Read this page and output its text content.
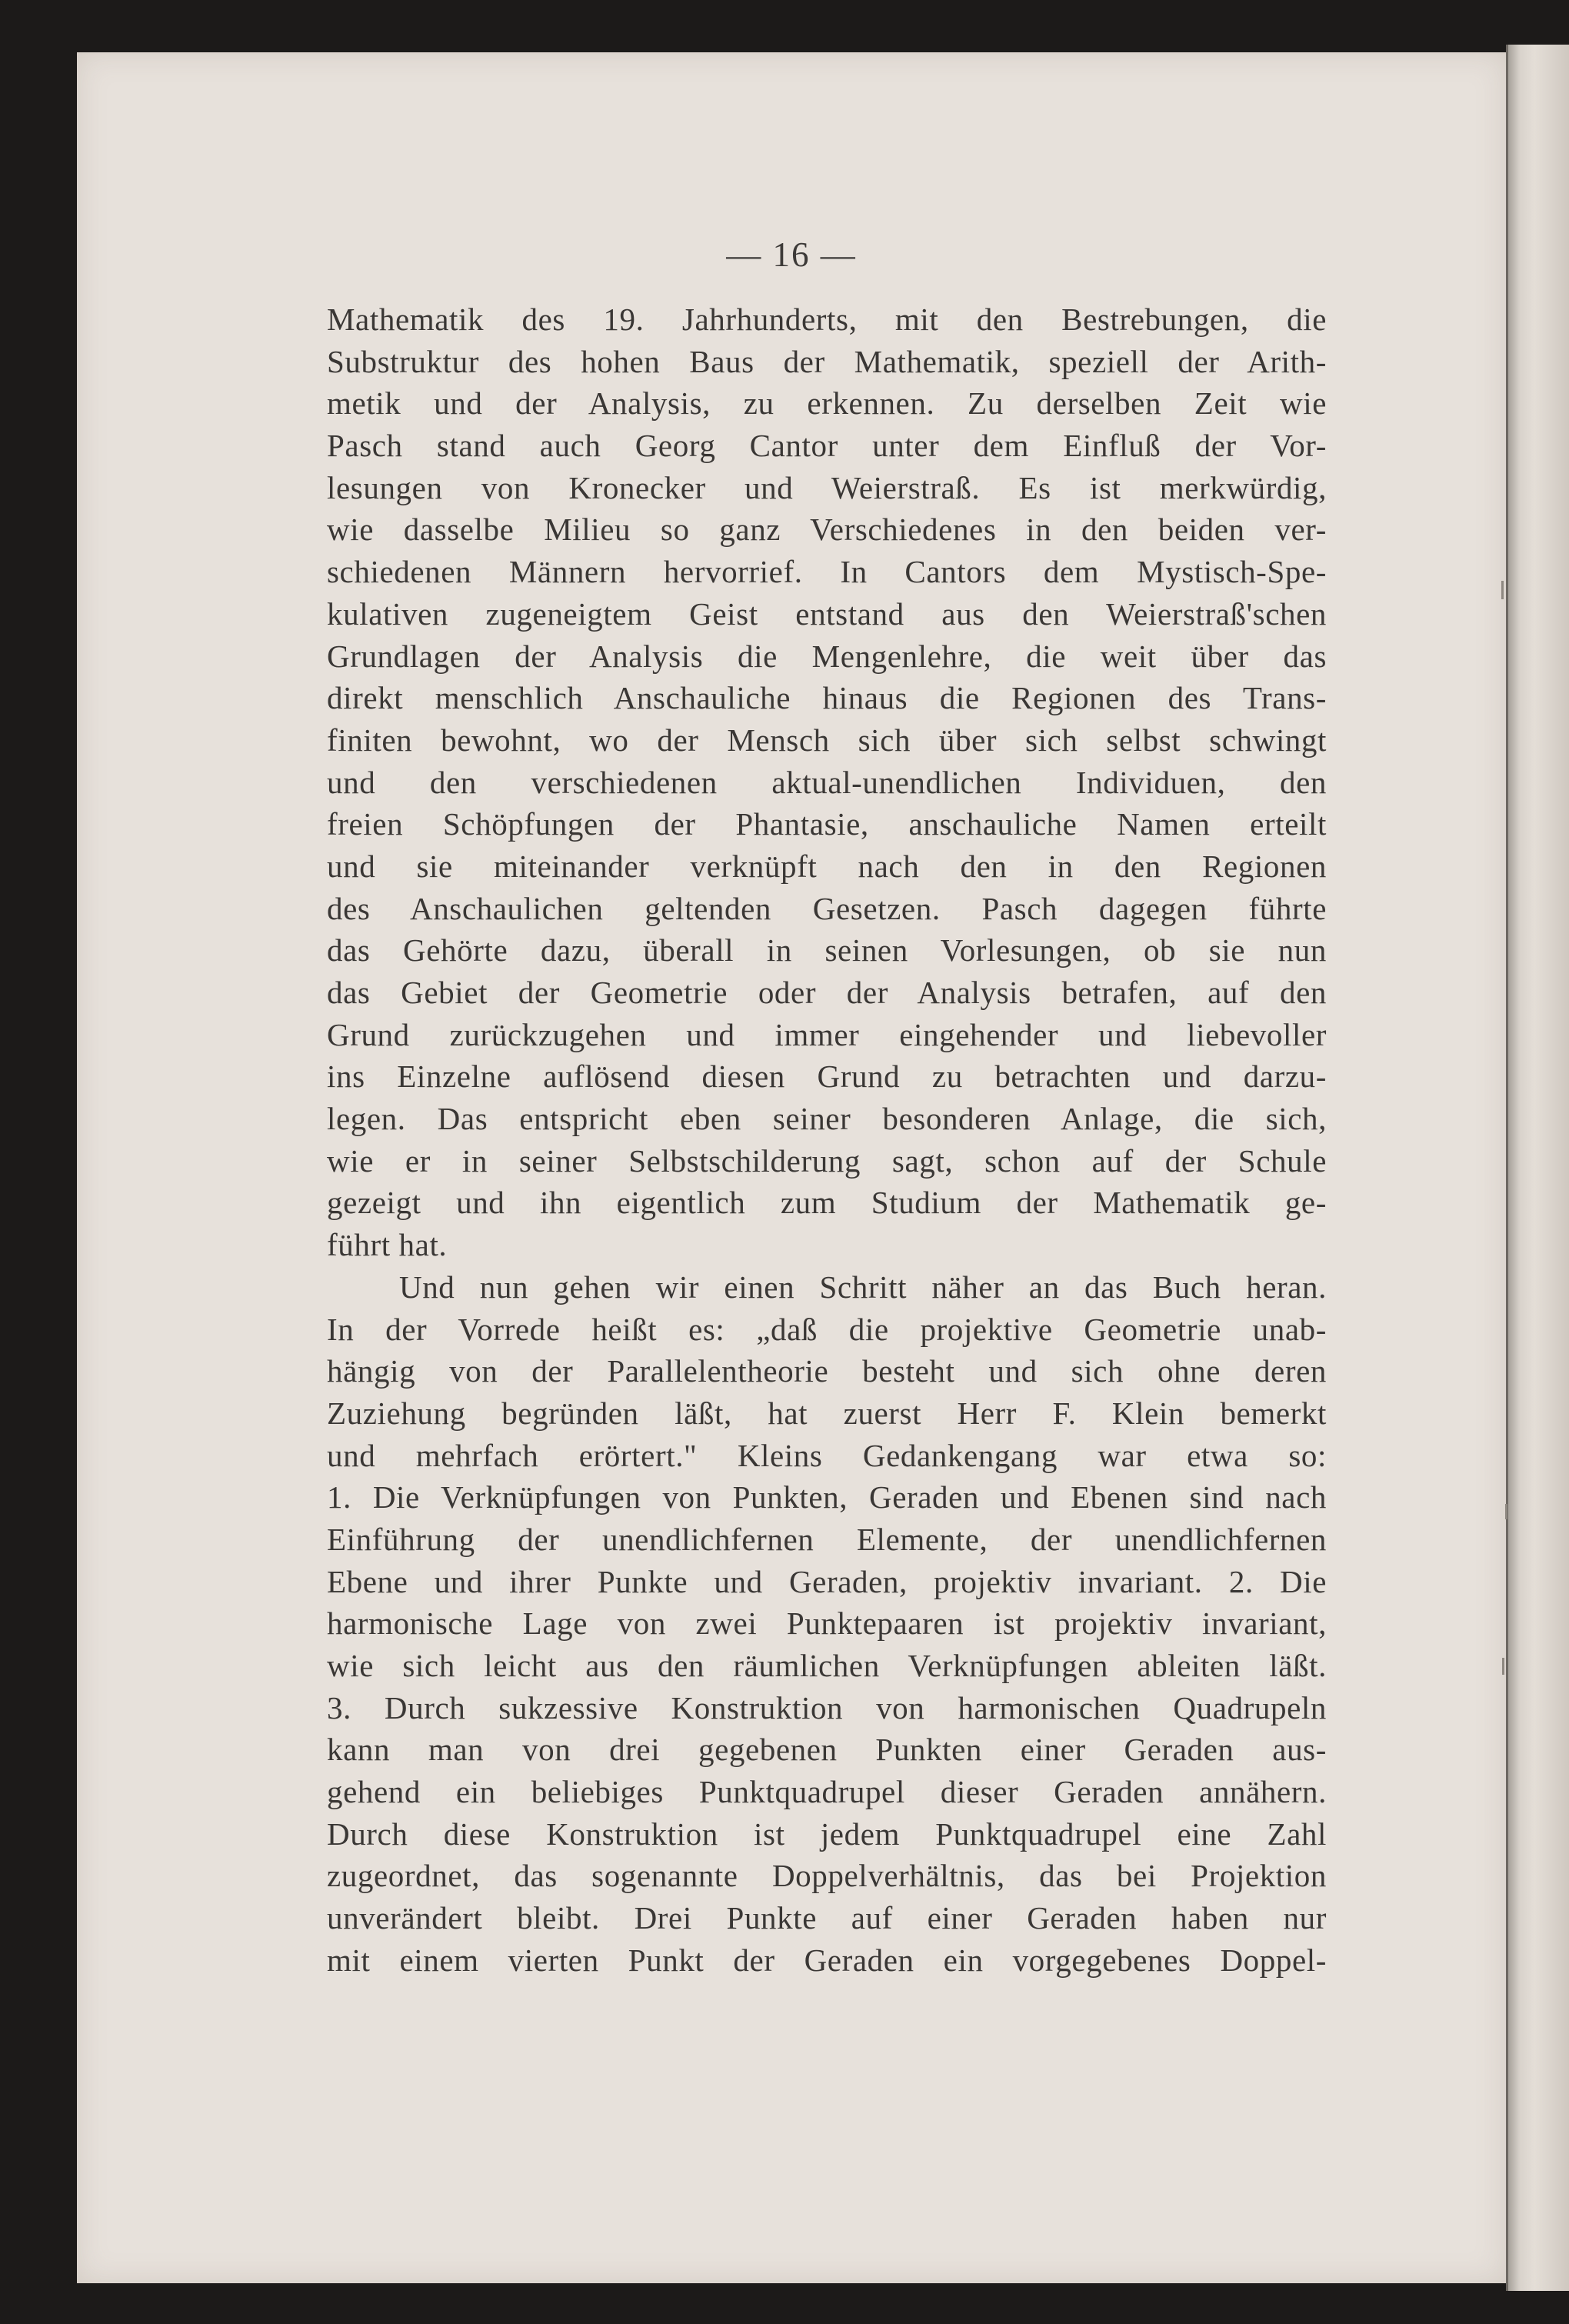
— 16 —

Mathematik des 19. Jahrhunderts, mit den Bestrebungen, die
Substruktur des hohen Baus der Mathematik, speziell der Arith-
metik und der Analysis, zu erkennen. Zu derselben Zeit wie
Pasch stand auch Georg Cantor unter dem Einfluß der Vor-
lesungen von Kronecker und Weierstraß. Es ist merkwürdig,
wie dasselbe Milieu so ganz Verschiedenes in den beiden ver-
schiedenen Männern hervorrief. In Cantors dem Mystisch-Spe-
kulativen zugeneigtem Geist entstand aus den Weierstraß'schen
Grundlagen der Analysis die Mengenlehre, die weit über das
direkt menschlich Anschauliche hinaus die Regionen des Trans-
finiten bewohnt, wo der Mensch sich über sich selbst schwingt
und den verschiedenen aktual-unendlichen Individuen, den
freien Schöpfungen der Phantasie, anschauliche Namen erteilt
und sie miteinander verknüpft nach den in den Regionen
des Anschaulichen geltenden Gesetzen. Pasch dagegen führte
das Gehörte dazu, überall in seinen Vorlesungen, ob sie nun
das Gebiet der Geometrie oder der Analysis betrafen, auf den
Grund zurückzugehen und immer eingehender und liebevoller
ins Einzelne auflösend diesen Grund zu betrachten und darzu-
legen. Das entspricht eben seiner besonderen Anlage, die sich,
wie er in seiner Selbstschilderung sagt, schon auf der Schule
gezeigt und ihn eigentlich zum Studium der Mathematik ge-
führt hat.
Und nun gehen wir einen Schritt näher an das Buch heran.
In der Vorrede heißt es: „daß die projektive Geometrie unab-
hängig von der Parallelentheorie besteht und sich ohne deren
Zuziehung begründen läßt, hat zuerst Herr F. Klein bemerkt
und mehrfach erörtert." Kleins Gedankengang war etwa so:
1. Die Verknüpfungen von Punkten, Geraden und Ebenen sind nach
Einführung der unendlichfernen Elemente, der unendlichfernen
Ebene und ihrer Punkte und Geraden, projektiv invariant. 2. Die
harmonische Lage von zwei Punktepaaren ist projektiv invariant,
wie sich leicht aus den räumlichen Verknüpfungen ableiten läßt.
3. Durch sukzessive Konstruktion von harmonischen Quadrupeln
kann man von drei gegebenen Punkten einer Geraden aus-
gehend ein beliebiges Punktquadrupel dieser Geraden annähern.
Durch diese Konstruktion ist jedem Punktquadrupel eine Zahl
zugeordnet, das sogenannte Doppelverhältnis, das bei Projektion
unverändert bleibt. Drei Punkte auf einer Geraden haben nur
mit einem vierten Punkt der Geraden ein vorgegebenes Doppel-
